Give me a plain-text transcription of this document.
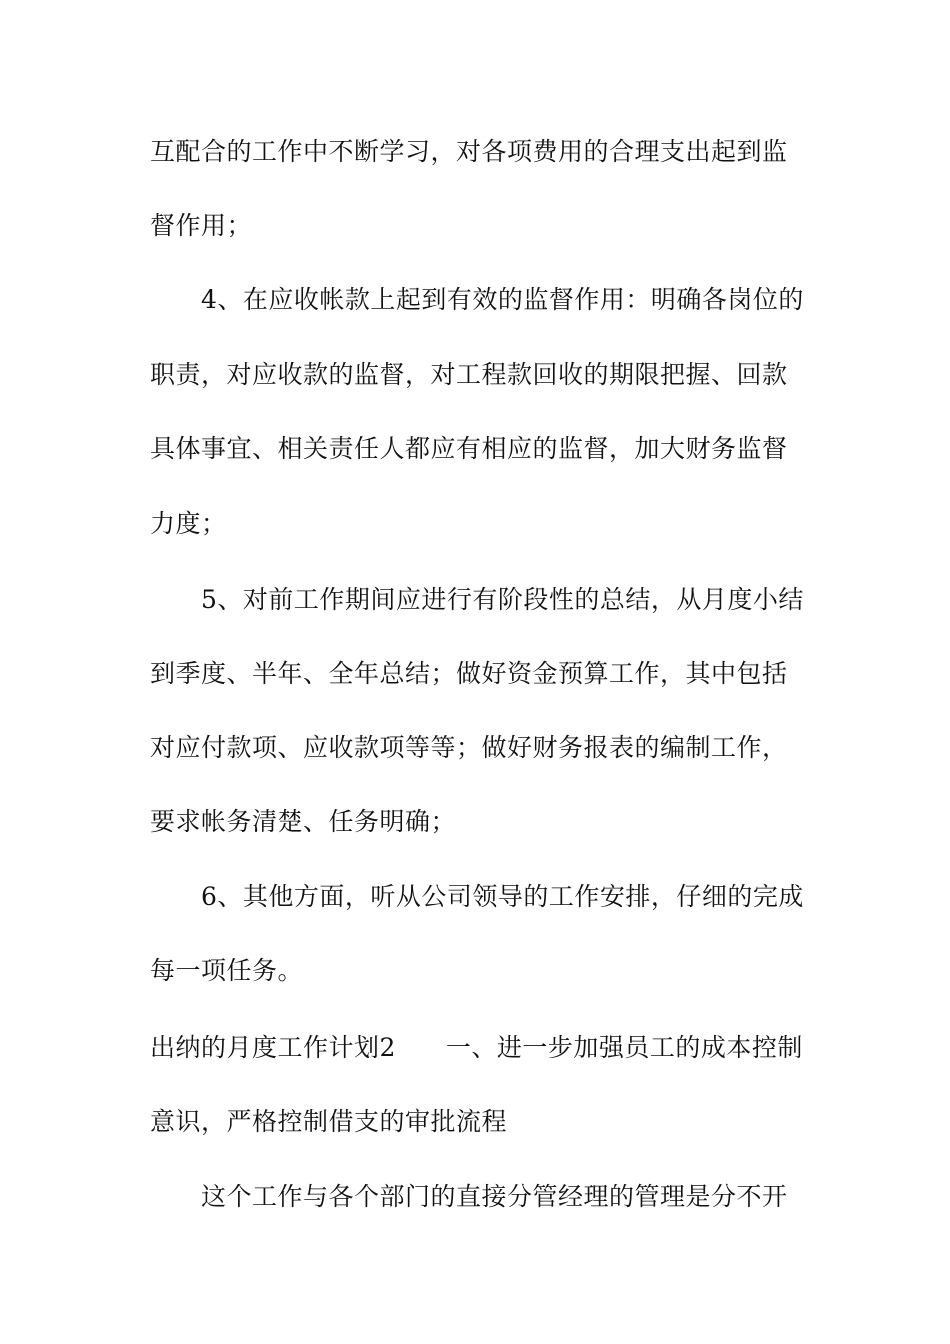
互配合的工作中不断学习，对各项费用的合理支出起到监
督作用；
4、在应收帐款上起到有效的监督作用：明确各岗位的
职责，对应收款的监督，对工程款回收的期限把握、回款
具体事宜、相关责任人都应有相应的监督，加大财务监督
力度；
5、对前工作期间应进行有阶段性的总结，从月度小结
到季度、半年、全年总结；做好资金预算工作，其中包括
对应付款项、应收款项等等；做好财务报表的编制工作，
要求帐务清楚、任务明确；
6、其他方面，听从公司领导的工作安排，仔细的完成
每一项任务。
出纳的月度工作计划2 一、进一步加强员工的成本控制
意识，严格控制借支的审批流程
这个工作与各个部门的直接分管经理的管理是分不开
